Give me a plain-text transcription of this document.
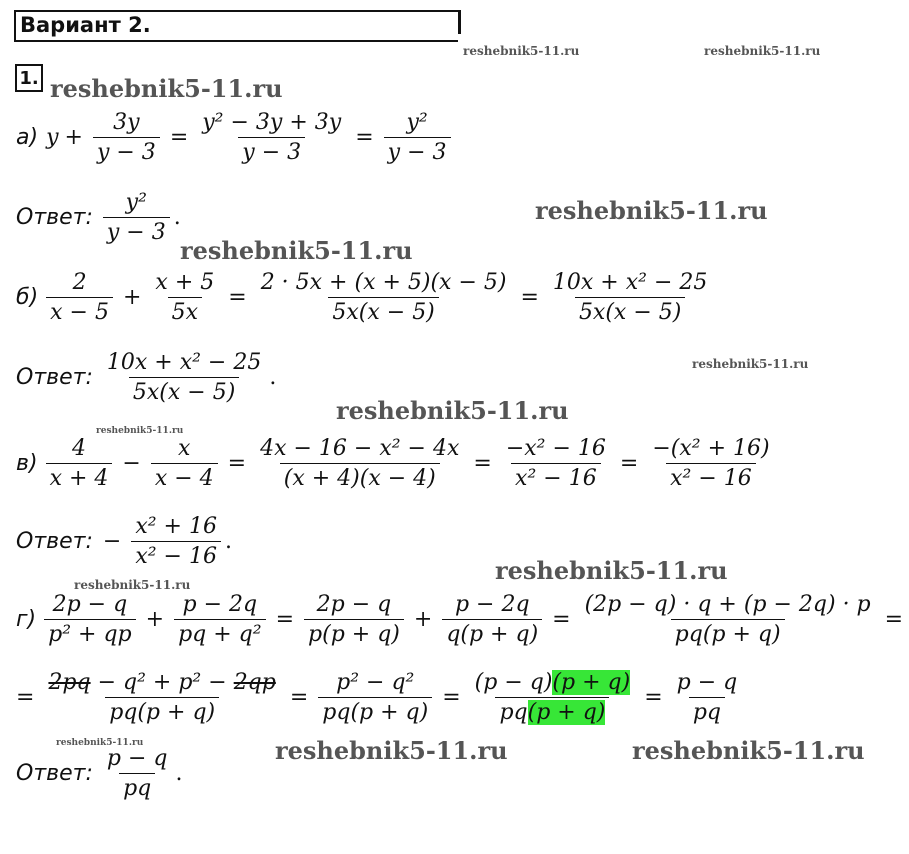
Вариант 2.
1.
reshebnik5-11.ru	reshebnik5-11.ru
reshebnik5-11.ru
reshebnik5-11.ru
reshebnik5-11.ru
reshebnik5-11.ru
reshebnik5-11.ru
reshebnik5-11.ru
reshebnik5-11.ru
reshebnik5-11.ru
reshebnik5-11.ru	reshebnik5-11.ru	reshebnik5-11.ru
а) $y + \frac{3y}{y - 3} = \frac{\text{y² − 3y + 3y}}{y - 3} = \frac{\text{y²}}{y - 3}$
Ответ: $\frac{\text{y²}}{y - 3}$ .
$б) \frac{2}{x - 5} + \frac{x + 5}{5x} = \frac{2 \cdot 5x + (x + 5)(x - 5)}{5x(x - 5)} = \frac{\text{10x + x² − 25}}{5x(x - 5)}$
Ответ: $\frac{\text{10x + x² − 25}}{5x(x - 5)}$ .
$в) \frac{4}{x + 4} - \frac{x}{x - 4} = \frac{\text{4x − 16 − x² − 4x}}{(x + 4)(x - 4)} = \frac{\text{−x² − 16}}{\text{x² − 16}} = \frac{\text{−(x² + 16)}}{\text{x² − 16}}$
Ответ: − $\frac{\text{x² + 16}}{\text{x² − 16}}$ .
$г) \frac{2p - q}{\text{p² + qp}} + \frac{p - 2q}{\text{pq + q²}} = \frac{2p - q}{p(p + q)} + \frac{p - 2q}{q(p + q)} = \frac{(2p - q) \cdot q + (p - 2q) \cdot p}{pq(p + q)}$ =
= $\frac{\text{2pq − q² + p² − 2qp}}{pq(p + q)} = \frac{\text{p² − q²}}{pq(p + q)} = \frac{(p - q)(p + q)}{pq(p + q)} = \frac{p - q}{pq}$
Ответ: $\frac{p - q}{pq}$ .
